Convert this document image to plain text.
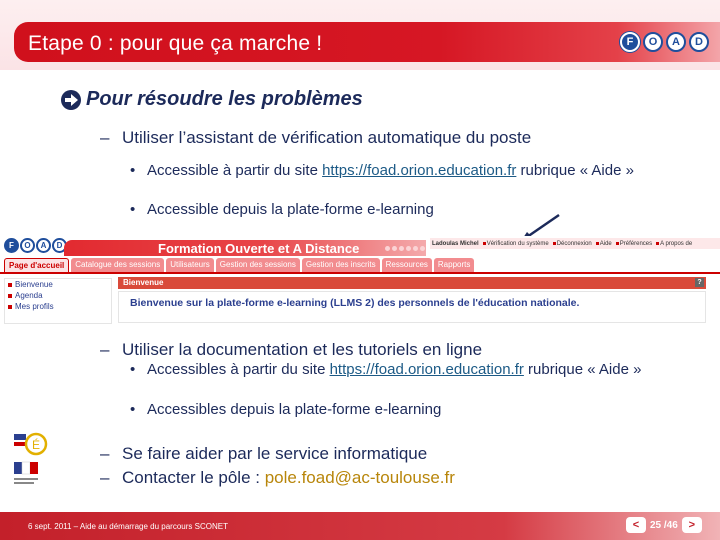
Etape 0 : pour que ça marche !	F	O	A	D
Pour résoudre les problèmes
– Utiliser l’assistant de vérification automatique du poste
• Accessible à partir du site https://foad.orion.education.fr rubrique « Aide »
• Accessible depuis la plate-forme e-learning
F	O	A	D	Formation Ouverte et A Distance	Ladoulas Michel	Vérification du système	Déconnexion	Aide	Préférences	A propos de
Page d'accueil	Catalogue des sessions	Utilisateurs	Gestion des sessions	Gestion des inscrits	Ressources	Rapports
Bienvenue
Agenda
Mes profils
Bienvenue	?
Bienvenue sur la plate-forme e-learning (LLMS 2) des personnels de l'éducation nationale.
– Utiliser la documentation et les tutoriels en ligne
• Accessibles à partir du site https://foad.orion.education.fr rubrique « Aide »
• Accessibles depuis la plate-forme e-learning
É	– Se faire aider par le service informatique
– Contacter le pôle : pole.foad@ac-toulouse.fr
6 sept. 2011 – Aide au démarrage du parcours SCONET	<	25 /46 >
